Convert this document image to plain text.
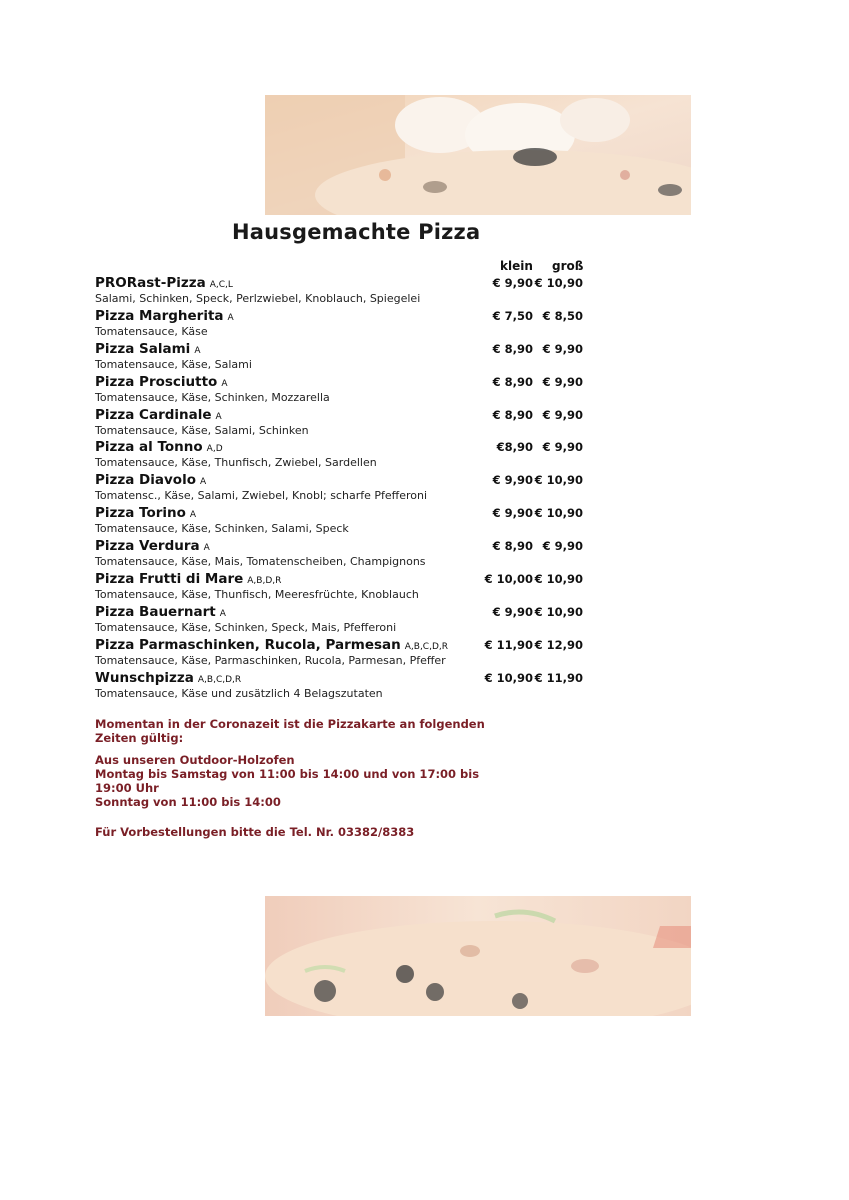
Hausgemachte Pizza
klein groß
PRORast-Pizza A,C,L
Salami, Schinken, Speck, Perlzwiebel, Knoblauch, Spiegelei
€ 9,90 € 10,90
Pizza Margherita A
Tomatensauce, Käse
€ 7,50 € 8,50
Pizza Salami A
Tomatensauce, Käse, Salami
€ 8,90 € 9,90
Pizza Prosciutto A
Tomatensauce, Käse, Schinken, Mozzarella
€ 8,90 € 9,90
Pizza Cardinale A
Tomatensauce, Käse, Salami, Schinken
€ 8,90 € 9,90
Pizza al Tonno A,D
Tomatensauce, Käse, Thunfisch, Zwiebel, Sardellen
€8,90 € 9,90
Pizza Diavolo A
Tomatensc., Käse, Salami, Zwiebel, Knobl; scharfe Pfefferoni
€ 9,90 € 10,90
Pizza Torino A
Tomatensauce, Käse, Schinken, Salami, Speck
€ 9,90 € 10,90
Pizza Verdura A
Tomatensauce, Käse, Mais, Tomatenscheiben, Champignons
€ 8,90 € 9,90
Pizza Frutti di Mare A,B,D,R
Tomatensauce, Käse, Thunfisch, Meeresfrüchte, Knoblauch
€ 10,00 € 10,90
Pizza Bauernart A
Tomatensauce, Käse, Schinken, Speck, Mais, Pfefferoni
€ 9,90 € 10,90
Pizza Parmaschinken, Rucola, Parmesan A,B,C,D,R
Tomatensauce, Käse, Parmaschinken, Rucola, Parmesan, Pfeffer
€ 11,90 € 12,90
Wunschpizza A,B,C,D,R
Tomatensauce, Käse und zusätzlich 4 Belagszutaten
€ 10,90 € 11,90

Momentan in der Coronazeit ist die Pizzakarte an folgenden Zeiten gültig:

Aus unseren Outdoor-Holzofen

Montag bis Samstag von 11:00 bis 14:00 und von 17:00 bis 19:00 Uhr

Sonntag von 11:00 bis 14:00

Für Vorbestellungen bitte die Tel. Nr. 03382/8383
